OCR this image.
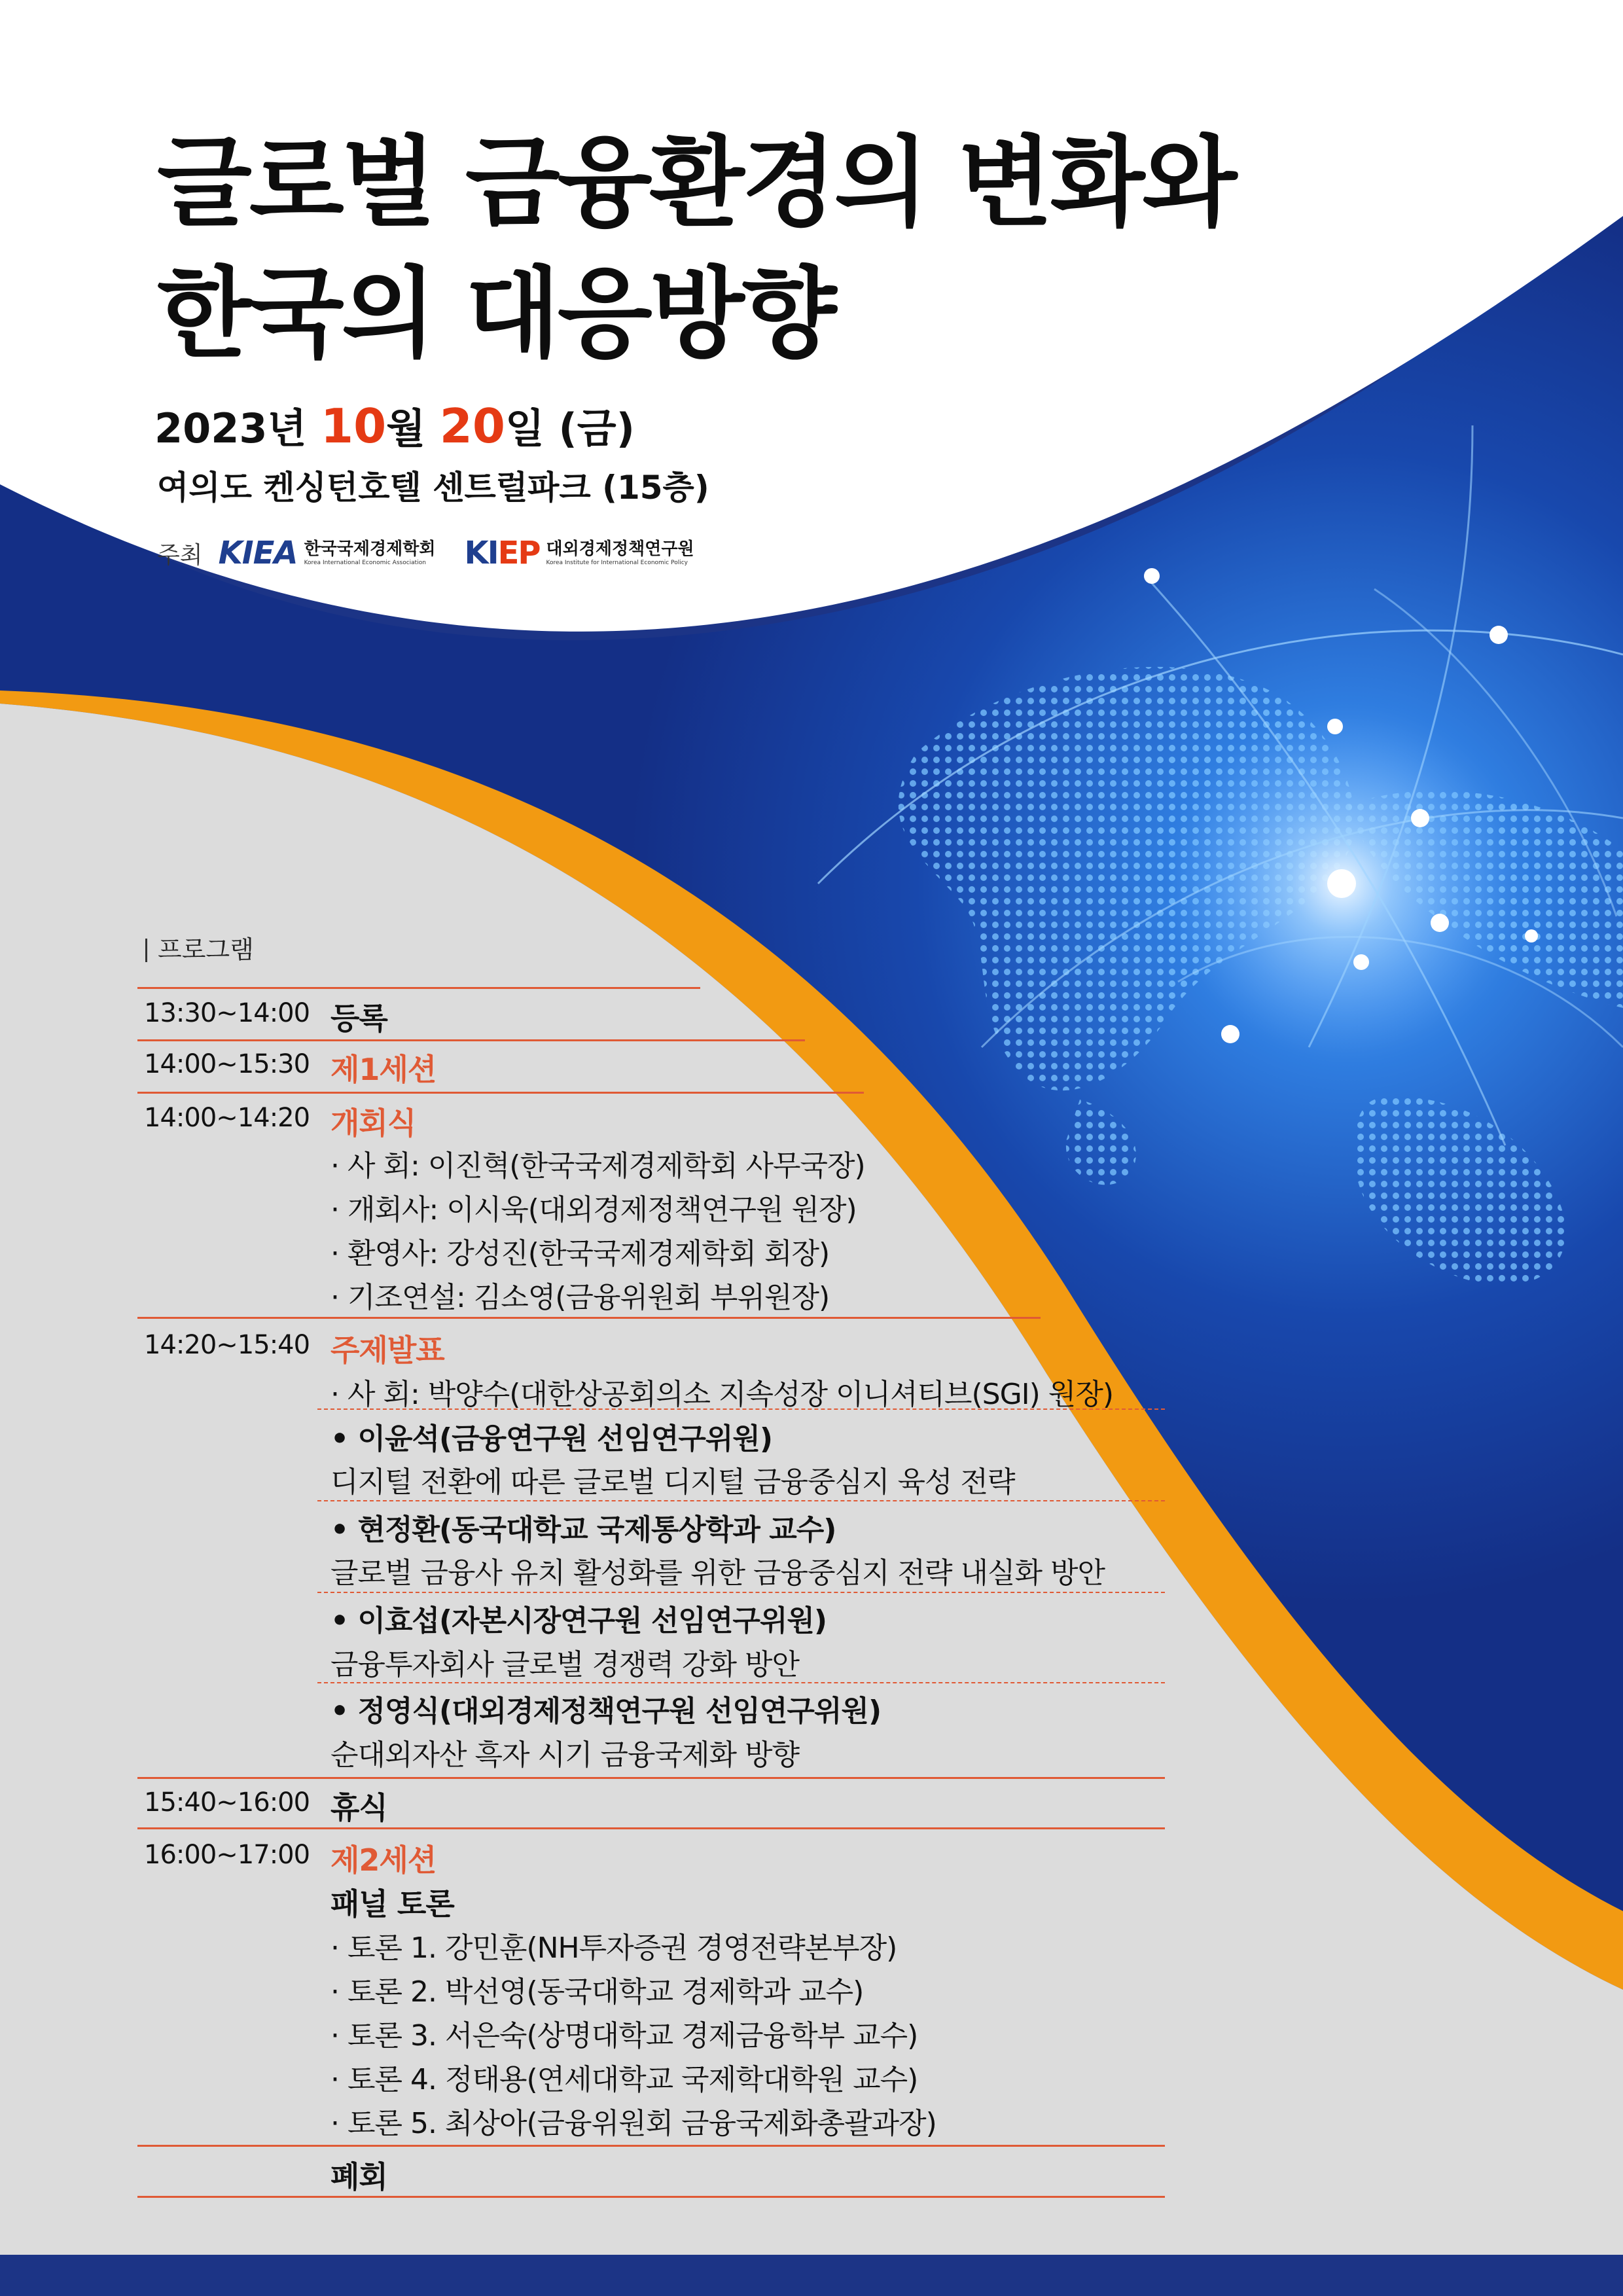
글로벌 금융환경의 변화와
한국의 대응방향
2023년 10월 20일 (금)
여의도 켄싱턴호텔 센트럴파크 (15층)
주최 KIEA 한국국제경제학회
Korea International Economic Association	KIEP 대외경제정책연구원
Korea Institute for International Economic Policy
프로그램
13:30~14:00 등록
14:00~15:30 제1세션
14:00~14:20 개회식
· 사 회: 이진혁(한국국제경제학회 사무국장)
· 개회사: 이시욱(대외경제정책연구원 원장)
· 환영사: 강성진(한국국제경제학회 회장)
· 기조연설: 김소영(금융위원회 부위원장)
14:20~15:40 주제발표
· 사 회: 박양수(대한상공회의소 지속성장 이니셔티브(SGI) 원장)
• 이윤석(금융연구원 선임연구위원)
디지털 전환에 따른 글로벌 디지털 금융중심지 육성 전략
• 현정환(동국대학교 국제통상학과 교수)
글로벌 금융사 유치 활성화를 위한 금융중심지 전략 내실화 방안
• 이효섭(자본시장연구원 선임연구위원)
금융투자회사 글로벌 경쟁력 강화 방안
• 정영식(대외경제정책연구원 선임연구위원)
순대외자산 흑자 시기 금융국제화 방향
15:40~16:00 휴식
16:00~17:00 제2세션
패널 토론
· 토론 1. 강민훈(NH투자증권 경영전략본부장)
· 토론 2. 박선영(동국대학교 경제학과 교수)
· 토론 3. 서은숙(상명대학교 경제금융학부 교수)
· 토론 4. 정태용(연세대학교 국제학대학원 교수)
· 토론 5. 최상아(금융위원회 금융국제화총괄과장)
폐회
